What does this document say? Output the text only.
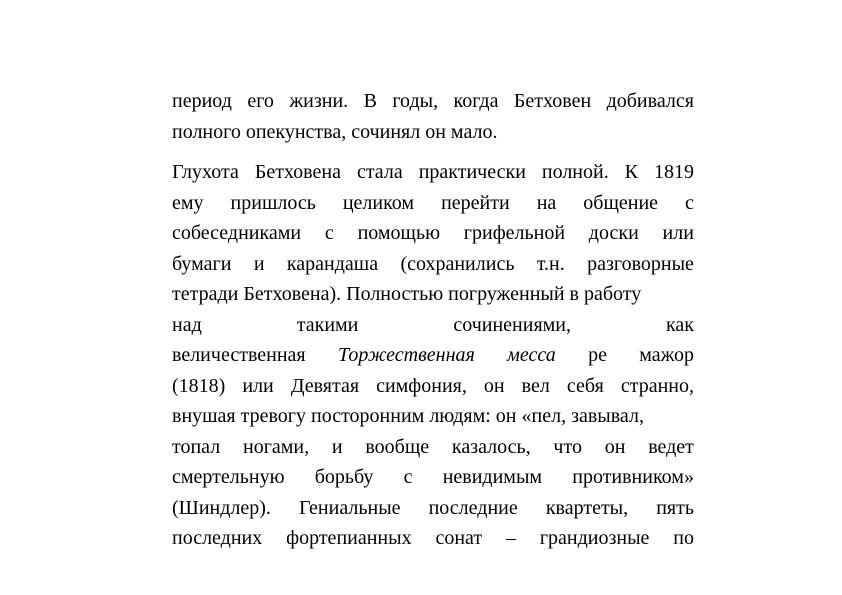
период его жизни. В годы, когда Бетховен добивался
полного опекунства, сочинял он мало.
Глухота Бетховена стала практически полной. К 1819
ему пришлось целиком перейти на общение с
собеседниками с помощью грифельной доски или
бумаги и карандаша (сохранились т.н. разговорные
тетради Бетховена). Полностью погруженный в работу
над	такими	сочинениями,	как
величественная Торжественная месса ре мажор
(1818) или Девятая симфония, он вел себя странно,
внушая тревогу посторонним людям: он «пел, завывал,
топал ногами, и вообще казалось, что он ведет
смертельную борьбу с невидимым противником»
(Шиндлер). Гениальные последние квартеты, пять
последних фортепианных сонат – грандиозные по
